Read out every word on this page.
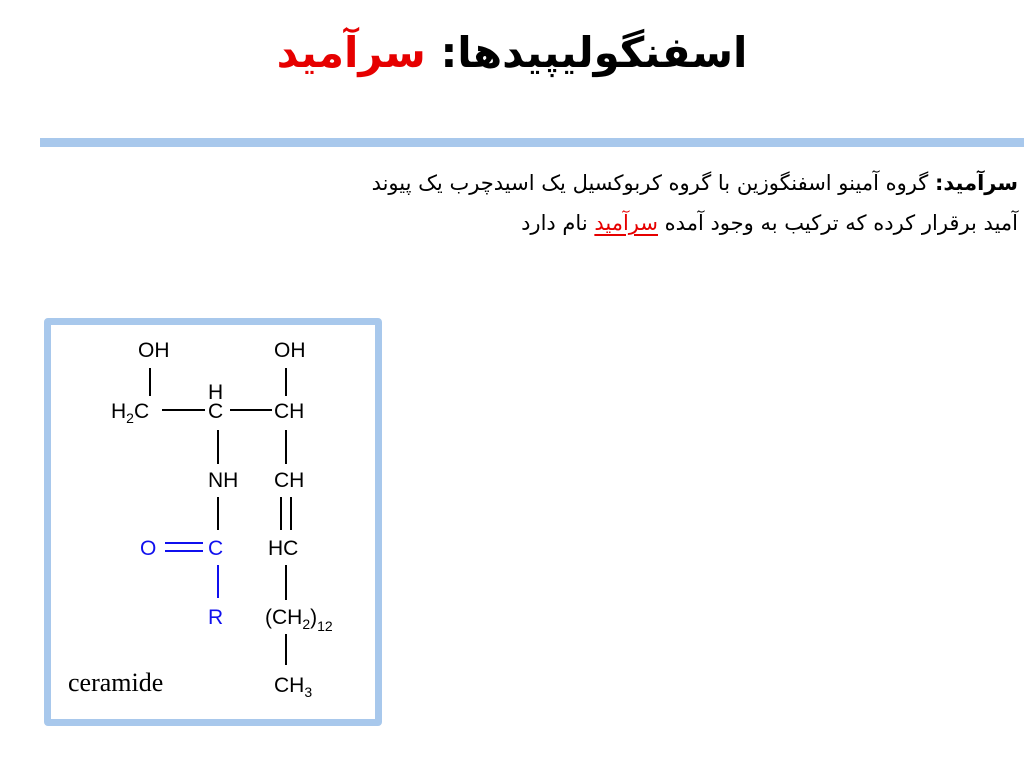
اسفنگولیپیدها: سرآمید
سرآمید: گروه آمینو اسفنگوزین با گروه کربوکسیل یک اسیدچرب یک پیوند
آمید برقرار کرده که ترکیب به وجود آمده سرآمید نام دارد
OH	OH
H
$H_2C$	C CH
NH CH
O C HC
R $(CH_2)_{12}$
$CH_3$
ceramide
